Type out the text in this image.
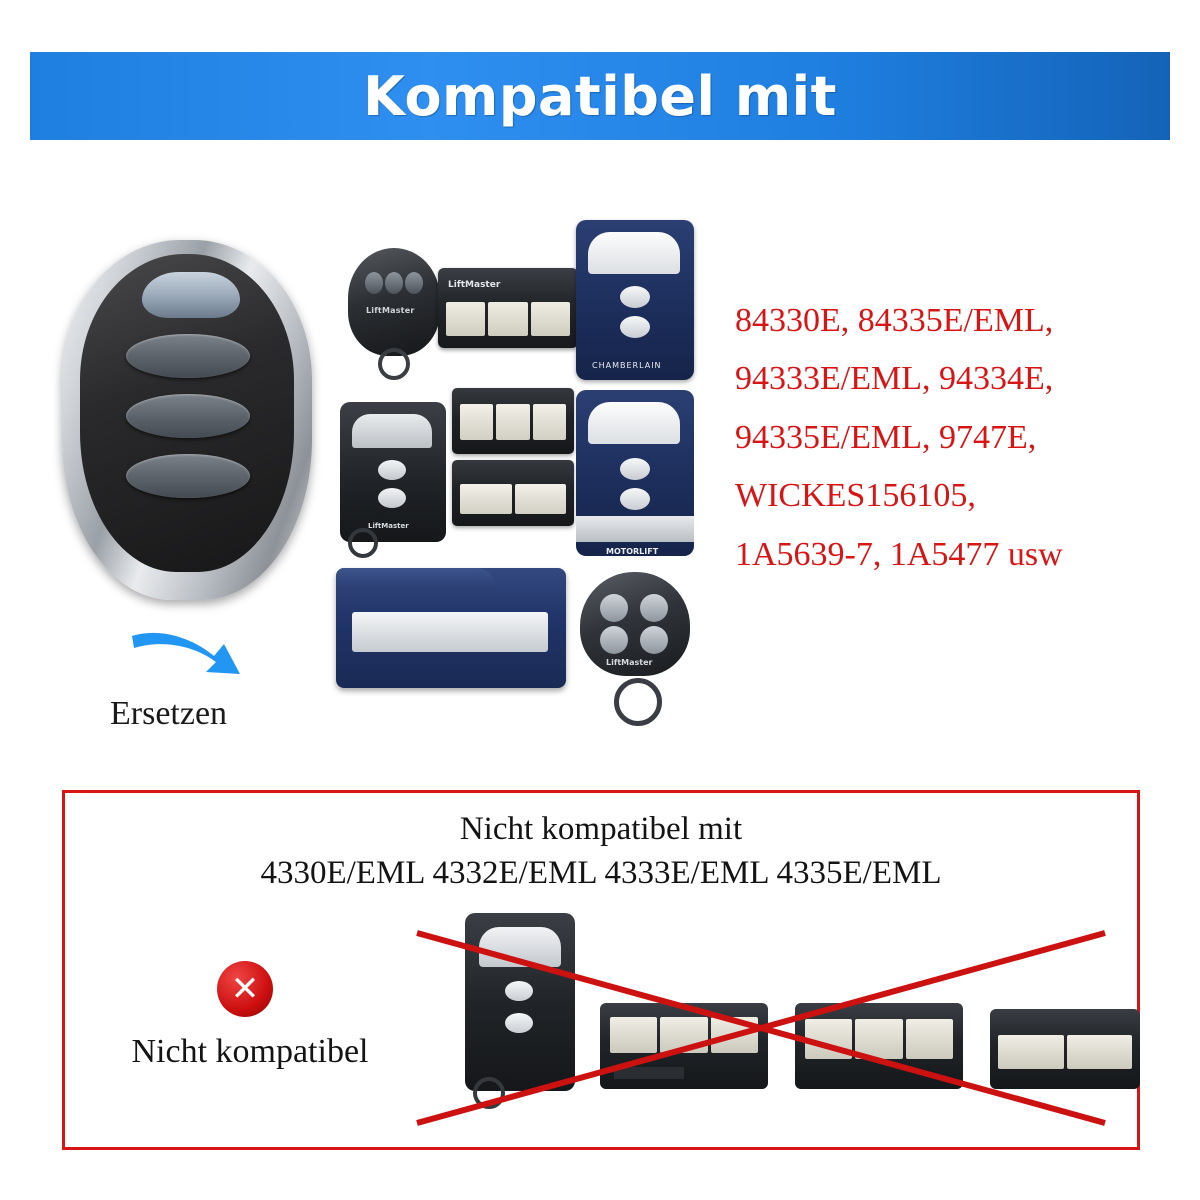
Kompatibel mit
Ersetzen
LiftMaster
LiftMaster
CHAMBERLAIN
LiftMaster
MOTORLIFT
LiftMaster
84330E, 84335E/EML,
94333E/EML, 94334E,
94335E/EML, 9747E,
WICKES156105,
1A5639-7, 1A5477 usw
Nicht kompatibel mit
4330E/EML 4332E/EML 4333E/EML 4335E/EML
✕
Nicht kompatibel
